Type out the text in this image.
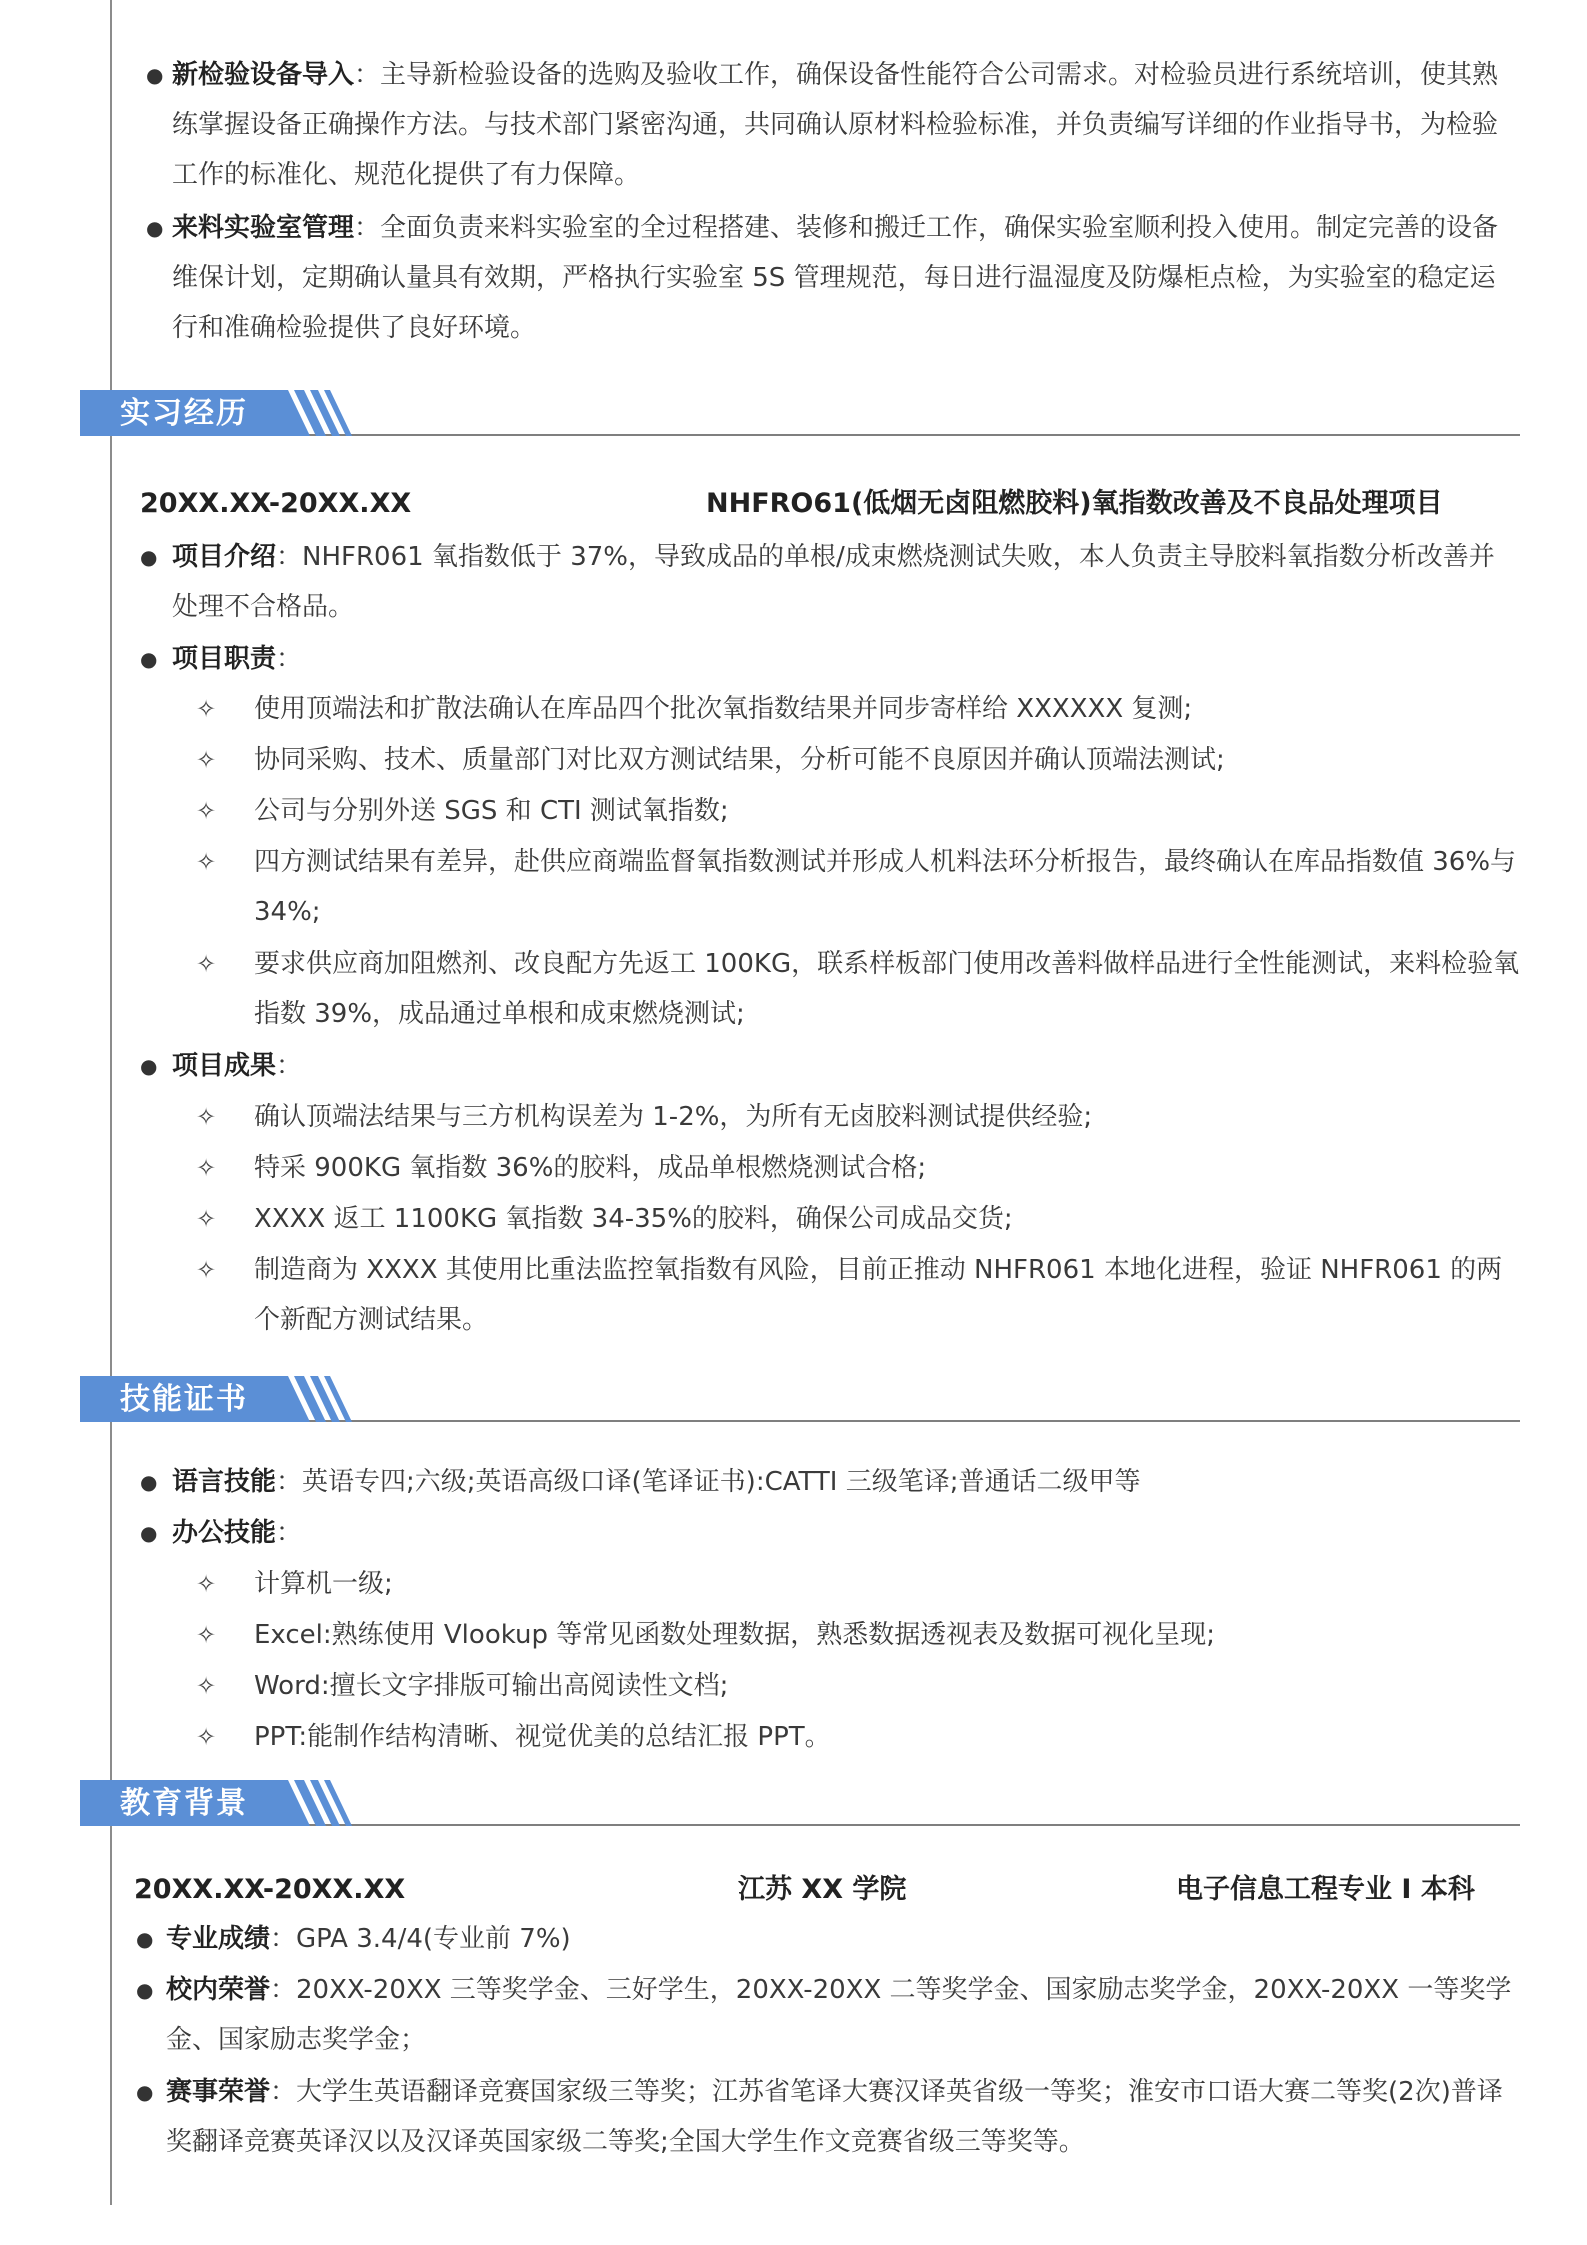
● 新检验设备导入：主导新检验设备的选购及验收工作，确保设备性能符合公司需求。对检验员进行系统培训，使其熟练掌握设备正确操作方法。与技术部门紧密沟通，共同确认原材料检验标准，并负责编写详细的作业指导书，为检验工作的标准化、规范化提供了有力保障。

● 来料实验室管理：全面负责来料实验室的全过程搭建、装修和搬迁工作，确保实验室顺利投入使用。制定完善的设备维保计划，定期确认量具有效期，严格执行实验室 5S 管理规范，每日进行温湿度及防爆柜点检，为实验室的稳定运行和准确检验提供了良好环境。

实习经历
20XX.XX-20XX.XX	NHFRO61(低烟无卤阻燃胶料)氧指数改善及不良品处理项目
● 项目介绍：NHFR061 氧指数低于 37%，导致成品的单根/成束燃烧测试失败，本人负责主导胶料氧指数分析改善并处理不合格品。

● 项目职责：

✧ 使用顶端法和扩散法确认在库品四个批次氧指数结果并同步寄样给 XXXXXX 复测;

✧ 协同采购、技术、质量部门对比双方测试结果，分析可能不良原因并确认顶端法测试;

✧ 公司与分别外送 SGS 和 CTI 测试氧指数;

✧ 四方测试结果有差异，赴供应商端监督氧指数测试并形成人机料法环分析报告，最终确认在库品指数值 36%与 34%;

✧ 要求供应商加阻燃剂、改良配方先返工 100KG，联系样板部门使用改善料做样品进行全性能测试，来料检验氧指数 39%，成品通过单根和成束燃烧测试;

● 项目成果：

✧ 确认顶端法结果与三方机构误差为 1-2%，为所有无卤胶料测试提供经验;

✧ 特采 900KG 氧指数 36%的胶料，成品单根燃烧测试合格;

✧ XXXX 返工 1100KG 氧指数 34-35%的胶料，确保公司成品交货;

✧ 制造商为 XXXX 其使用比重法监控氧指数有风险，目前正推动 NHFR061 本地化进程，验证 NHFR061 的两个新配方测试结果。

技能证书
● 语言技能：英语专四;六级;英语高级口译(笔译证书):CATTI 三级笔译;普通话二级甲等

● 办公技能：

✧ 计算机一级;

✧ Excel:熟练使用 Vlookup 等常见函数处理数据，熟悉数据透视表及数据可视化呈现;

✧ Word:擅长文字排版可输出高阅读性文档;

✧ PPT:能制作结构清晰、视觉优美的总结汇报 PPT。

教育背景
20XX.XX-20XX.XX	江苏 XX 学院	电子信息工程专业 Ⅰ 本科
● 专业成绩：GPA 3.4/4(专业前 7%)

● 校内荣誉：20XX-20XX 三等奖学金、三好学生，20XX-20XX 二等奖学金、国家励志奖学金，20XX-20XX 一等奖学金、国家励志奖学金；

● 赛事荣誉：大学生英语翻译竞赛国家级三等奖；江苏省笔译大赛汉译英省级一等奖；淮安市口语大赛二等奖(2次)普译奖翻译竞赛英译汉以及汉译英国家级二等奖;全国大学生作文竞赛省级三等奖等。
